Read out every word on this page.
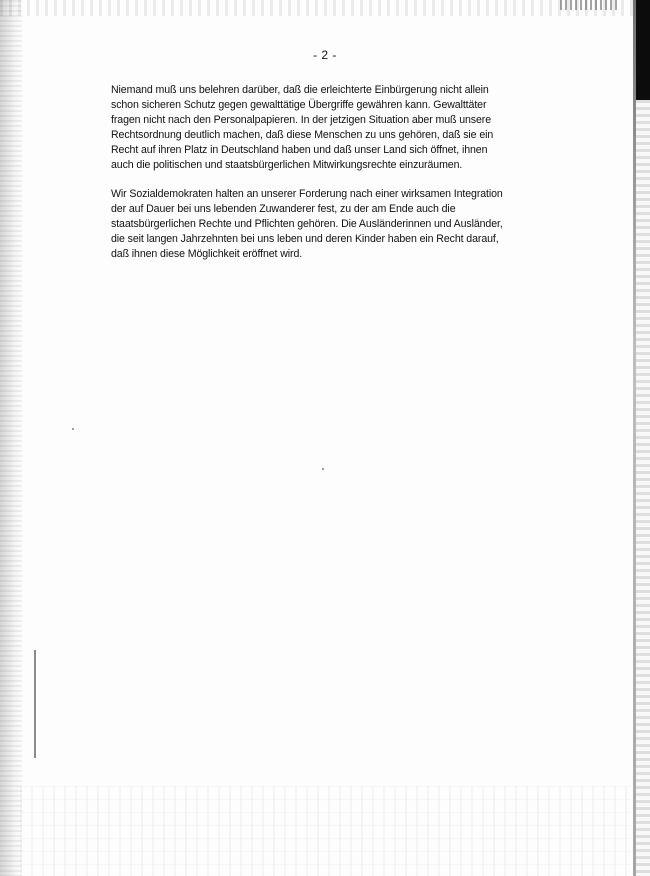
- 2 -

Niemand muß uns belehren darüber, daß die erleichterte Einbürgerung nicht allein
schon sicheren Schutz gegen gewalttätige Übergriffe gewähren kann. Gewalttäter
fragen nicht nach den Personalpapieren. In der jetzigen Situation aber muß unsere
Rechtsordnung deutlich machen, daß diese Menschen zu uns gehören, daß sie ein
Recht auf ihren Platz in Deutschland haben und daß unser Land sich öffnet, ihnen
auch die politischen und staatsbürgerlichen Mitwirkungsrechte einzuräumen.

Wir Sozialdemokraten halten an unserer Forderung nach einer wirksamen Integration
der auf Dauer bei uns lebenden Zuwanderer fest, zu der am Ende auch die
staatsbürgerlichen Rechte und Pflichten gehören. Die Ausländerinnen und Ausländer,
die seit langen Jahrzehnten bei uns leben und deren Kinder haben ein Recht darauf,
daß ihnen diese Möglichkeit eröffnet wird.
